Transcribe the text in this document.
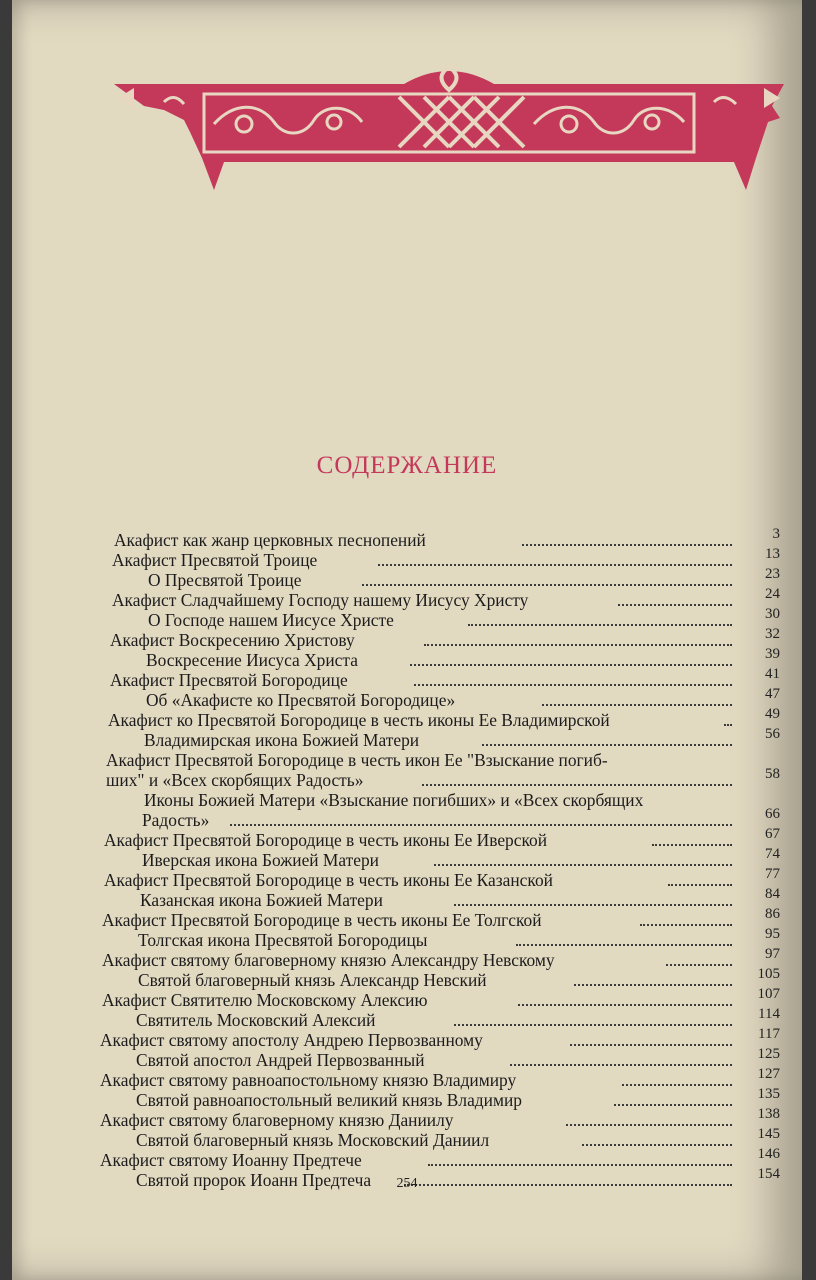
СОДЕРЖАНИЕ
Акафист как жанр церковных песнопений	3
Акафист Пресвятой Троице	13
О Пресвятой Троице	23
Акафист Сладчайшему Господу нашему Иисусу Христу	24
О Господе нашем Иисусе Христе	30
Акафист Воскресению Христову	32
Воскресение Иисуса Христа	39
Акафист Пресвятой Богородице	41
Об «Акафисте ко Пресвятой Богородице»	47
Акафист ко Пресвятой Богородице в честь иконы Ее Владимирской	49
Владимирская икона Божией Матери	56
Акафист Пресвятой Богородице в честь икон Ее "Взыскание погиб-
ших" и «Всех скорбящих Радость»	58
Иконы Божией Матери «Взыскание погибших» и «Всех скорбящих
Радость»	66
Акафист Пресвятой Богородице в честь иконы Ее Иверской	67
Иверская икона Божией Матери	74
Акафист Пресвятой Богородице в честь иконы Ее Казанской	77
Казанская икона Божией Матери	84
Акафист Пресвятой Богородице в честь иконы Ее Толгской	86
Толгская икона Пресвятой Богородицы	95
Акафист святому благоверному князю Александру Невскому	97
Святой благоверный князь Александр Невский	105
Акафист Святителю Московскому Алексию	107
Святитель Московский Алексий	114
Акафист святому апостолу Андрею Первозванному	117
Святой апостол Андрей Первозванный	125
Акафист святому равноапостольному князю Владимиру	127
Святой равноапостольный великий князь Владимир	135
Акафист святому благоверному князю Даниилу	138
Святой благоверный князь Московский Даниил	145
Акафист святому Иоанну Предтече	146
Святой пророк Иоанн Предтеча	154
254
